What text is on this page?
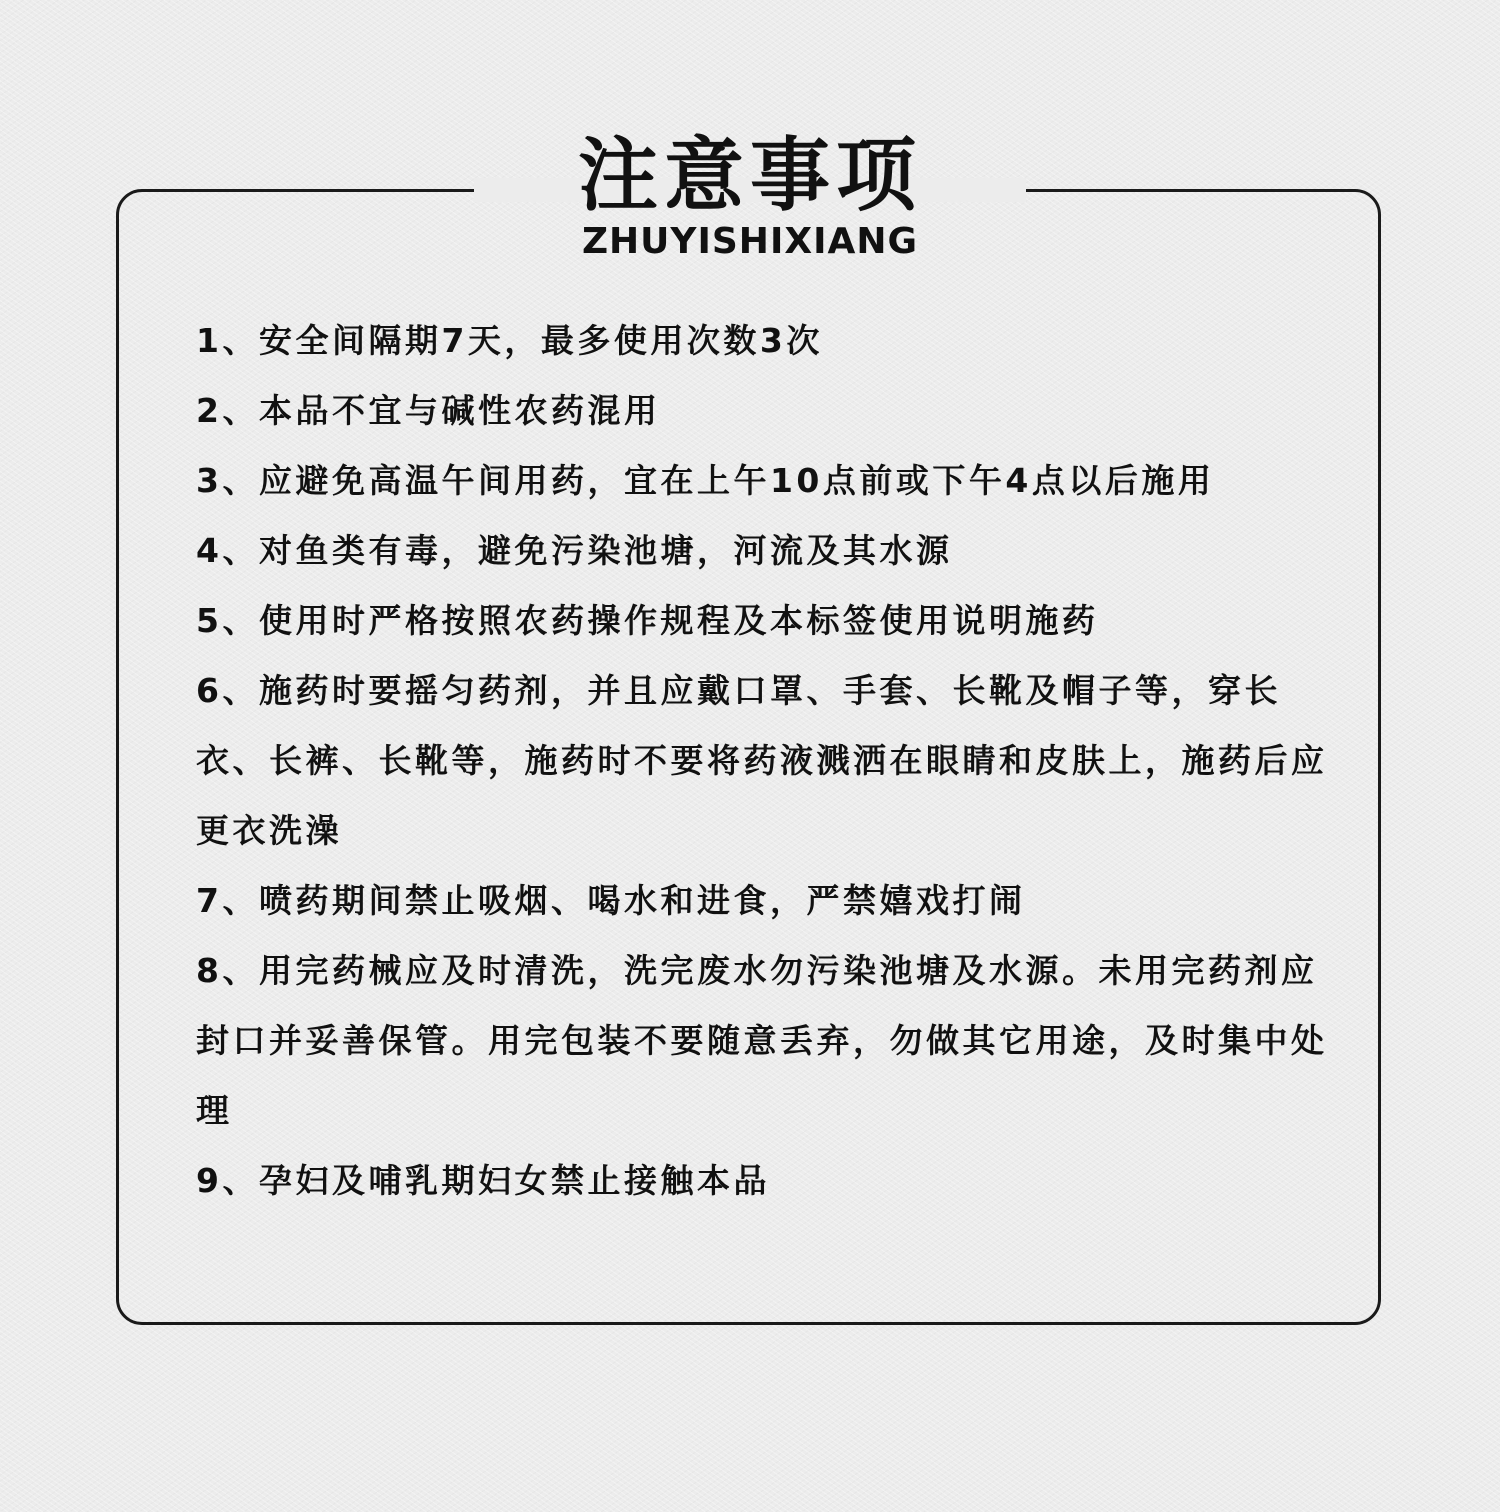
注意事项
ZHUYISHIXIANG
1、安全间隔期7天，最多使用次数3次
2、本品不宜与碱性农药混用
3、应避免高温午间用药，宜在上午10点前或下午4点以后施用
4、对鱼类有毒，避免污染池塘，河流及其水源
5、使用时严格按照农药操作规程及本标签使用说明施药
6、施药时要摇匀药剂，并且应戴口罩、手套、长靴及帽子等，穿长衣、长裤、长靴等，施药时不要将药液溅洒在眼睛和皮肤上，施药后应更衣洗澡
7、喷药期间禁止吸烟、喝水和进食，严禁嬉戏打闹
8、用完药械应及时清洗，洗完废水勿污染池塘及水源。未用完药剂应封口并妥善保管。用完包装不要随意丢弃，勿做其它用途，及时集中处理
9、孕妇及哺乳期妇女禁止接触本品
